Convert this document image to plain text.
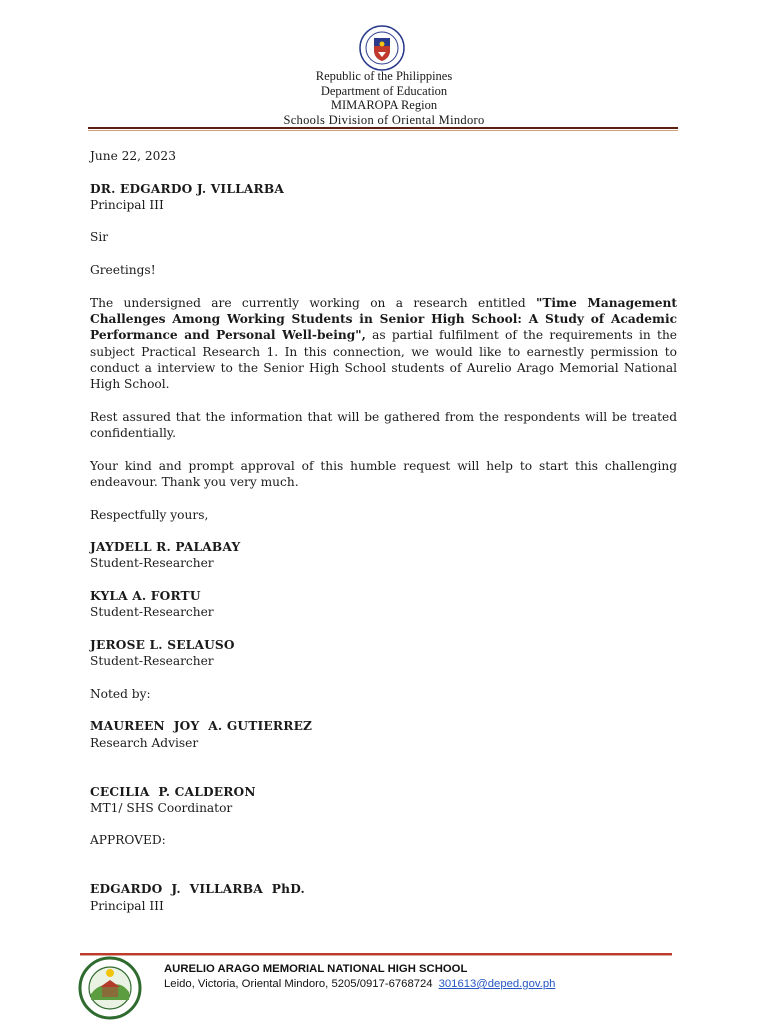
Republic of the Philippines
Department of Education
MIMAROPA Region
Schools Division of Oriental Mindoro

June 22, 2023

DR. EDGARDO J. VILLARBA

Principal III

Sir

Greetings!

The undersigned are currently working on a research entitled "Time Management Challenges Among Working Students in Senior High School: A Study of Academic Performance and Personal Well-being", as partial fulfilment of the requirements in the subject Practical Research 1. In this connection, we would like to earnestly permission to conduct a interview to the Senior High School students of Aurelio Arago Memorial National High School.

Rest assured that the information that will be gathered from the respondents will be treated confidentially.

Your kind and prompt approval of this humble request will help to start this challenging endeavour. Thank you very much.

Respectfully yours,

JAYDELL R. PALABAY

Student-Researcher

KYLA A. FORTU

Student-Researcher

JEROSE L. SELAUSO

Student-Researcher

Noted by:

MAUREEN  JOY  A. GUTIERREZ

Research Adviser

CECILIA  P. CALDERON

MT1/ SHS Coordinator

APPROVED:

EDGARDO  J.  VILLARBA  PhD.

Principal III

AURELIO ARAGO MEMORIAL NATIONAL HIGH SCHOOL
Leido, Victoria, Oriental Mindoro, 5205/0917-6768724 301613@deped.gov.ph
